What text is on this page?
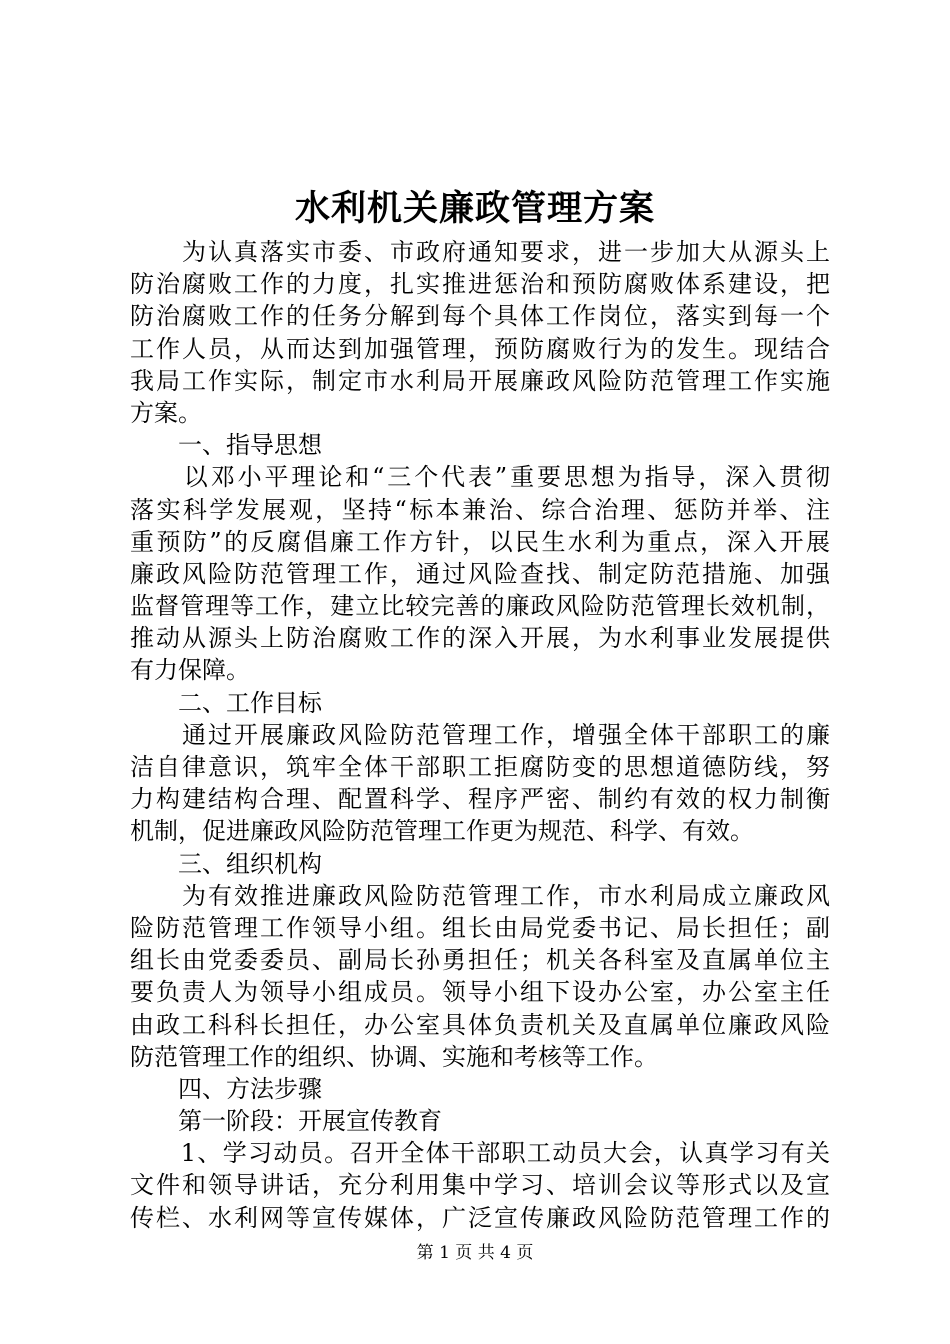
水利机关廉政管理方案
　　为认真落实市委、市政府通知要求，进一步加大从源头上
防治腐败工作的力度，扎实推进惩治和预防腐败体系建设，把
防治腐败工作的任务分解到每个具体工作岗位，落实到每一个
工作人员，从而达到加强管理，预防腐败行为的发生。现结合
我局工作实际，制定市水利局开展廉政风险防范管理工作实施
方案。
　　一、指导思想
　　以邓小平理论和“三个代表”重要思想为指导，深入贯彻
落实科学发展观，坚持“标本兼治、综合治理、惩防并举、注
重预防”的反腐倡廉工作方针，以民生水利为重点，深入开展
廉政风险防范管理工作，通过风险查找、制定防范措施、加强
监督管理等工作，建立比较完善的廉政风险防范管理长效机制，
推动从源头上防治腐败工作的深入开展，为水利事业发展提供
有力保障。
　　二、工作目标
　　通过开展廉政风险防范管理工作，增强全体干部职工的廉
洁自律意识，筑牢全体干部职工拒腐防变的思想道德防线，努
力构建结构合理、配置科学、程序严密、制约有效的权力制衡
机制，促进廉政风险防范管理工作更为规范、科学、有效。
　　三、组织机构
　　为有效推进廉政风险防范管理工作，市水利局成立廉政风
险防范管理工作领导小组。组长由局党委书记、局长担任；副
组长由党委委员、副局长孙勇担任；机关各科室及直属单位主
要负责人为领导小组成员。领导小组下设办公室，办公室主任
由政工科科长担任，办公室具体负责机关及直属单位廉政风险
防范管理工作的组织、协调、实施和考核等工作。
　　四、方法步骤
　　第一阶段：开展宣传教育
　　1、学习动员。召开全体干部职工动员大会，认真学习有关
文件和领导讲话，充分利用集中学习、培训会议等形式以及宣
传栏、水利网等宣传媒体，广泛宣传廉政风险防范管理工作的
第 1 页 共 4 页
